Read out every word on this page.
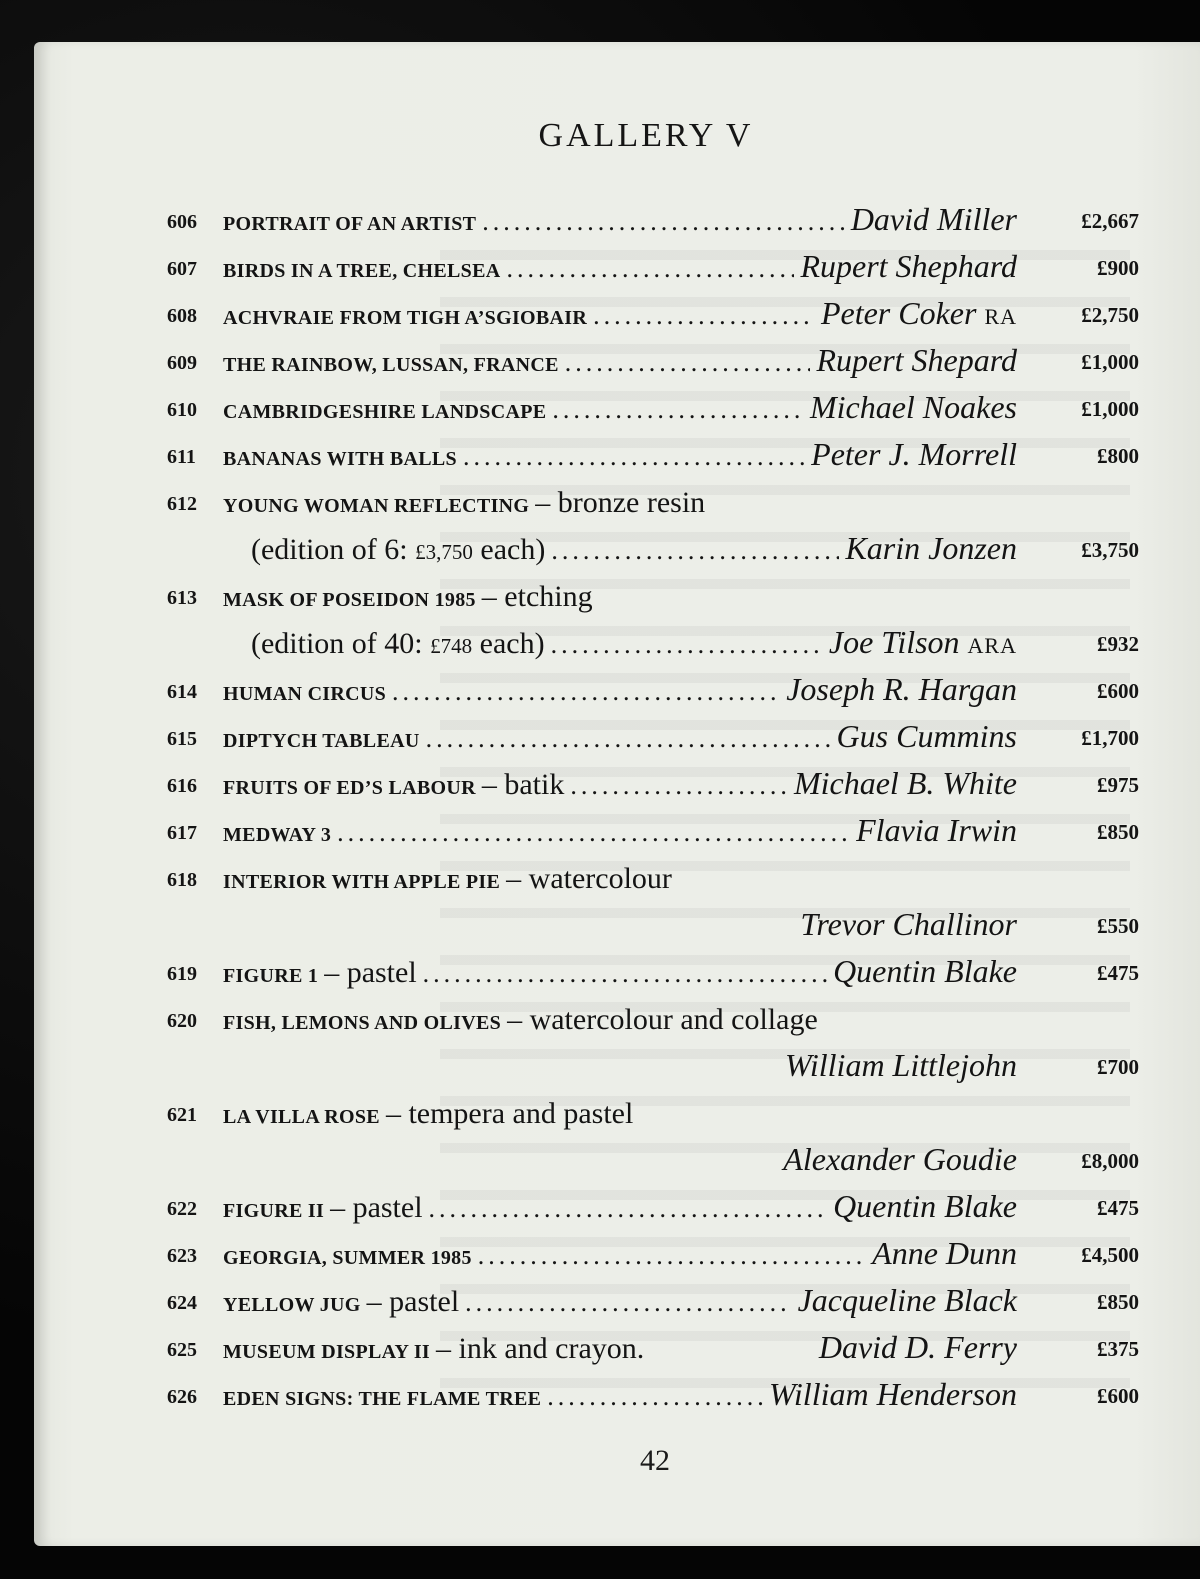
GALLERY V
606 PORTRAIT OF AN ARTIST .....	David Miller	£2,667
607 BIRDS IN A TREE, CHELSEA .....	Rupert Shephard	£900
608 ACHVRAIE FROM TIGH A’SGIOBAIR .....	Peter Coker RA	£2,750
609 THE RAINBOW, LUSSAN, FRANCE .....	Rupert Shepard	£1,000
610 CAMBRIDGESHIRE LANDSCAPE .....	Michael Noakes	£1,000
611 BANANAS WITH BALLS .....	Peter J. Morrell	£800
612 YOUNG WOMAN REFLECTING – bronze resin
(edition of 6: £3,750 each) .....	Karin Jonzen	£3,750
613 MASK OF POSEIDON 1985 – etching
(edition of 40: £748 each) .....	Joe Tilson ARA	£932
614 HUMAN CIRCUS .....	Joseph R. Hargan	£600
615 DIPTYCH TABLEAU .....	Gus Cummins	£1,700
616 FRUITS OF ED’S LABOUR – batik .....	Michael B. White	£975
617 MEDWAY 3 .....	Flavia Irwin	£850
618 INTERIOR WITH APPLE PIE – watercolour
Trevor Challinor	£550
619 FIGURE 1 – pastel .....	Quentin Blake	£475
620 FISH, LEMONS AND OLIVES – watercolour and collage
William Littlejohn	£700
621 LA VILLA ROSE – tempera and pastel
Alexander Goudie	£8,000
622 FIGURE II – pastel .....	Quentin Blake	£475
623 GEORGIA, SUMMER 1985 .....	Anne Dunn	£4,500
624 YELLOW JUG – pastel .....	Jacqueline Black	£850
625 MUSEUM DISPLAY II – ink and crayon.	David D. Ferry	£375
626 EDEN SIGNS: THE FLAME TREE .....	William Henderson	£600
42
